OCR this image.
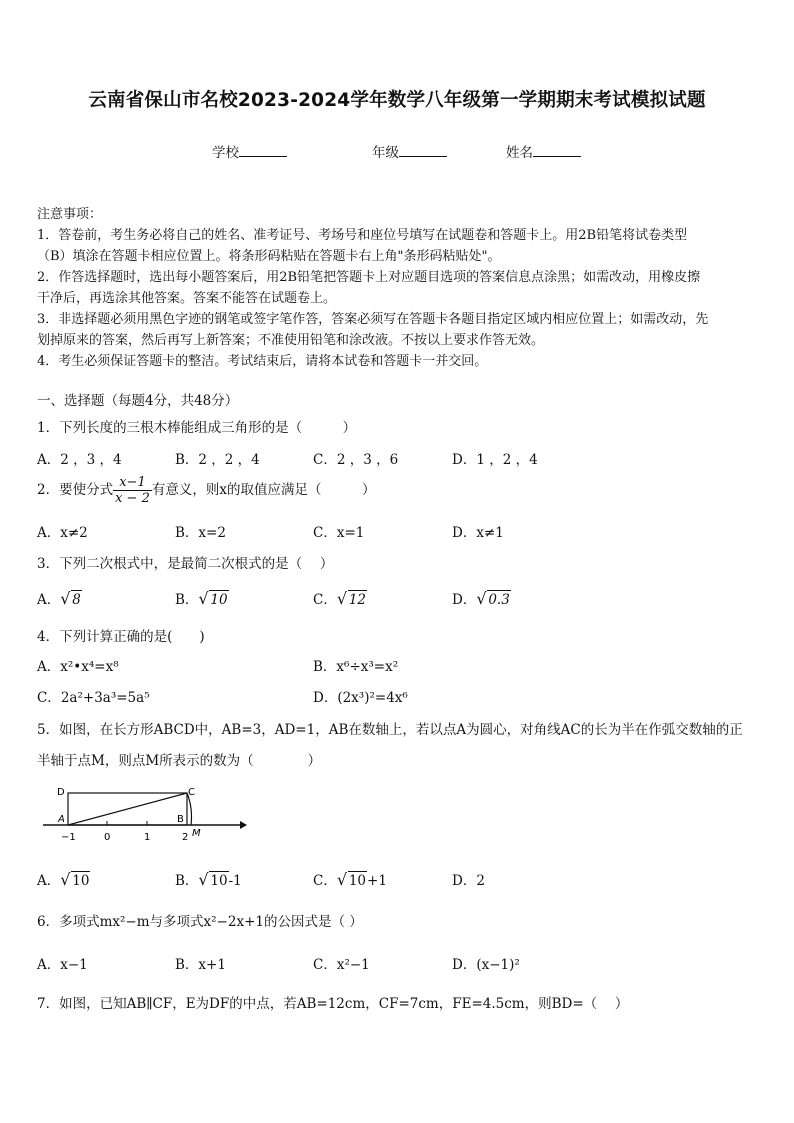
云南省保山市名校2023-2024学年数学八年级第一学期期末考试模拟试题
学校	年级	姓名
注意事项：
1．答卷前，考生务必将自己的姓名、准考证号、考场号和座位号填写在试题卷和答题卡上。用2B铅笔将试卷类型
（B）填涂在答题卡相应位置上。将条形码粘贴在答题卡右上角"条形码粘贴处"。
2．作答选择题时，选出每小题答案后，用2B铅笔把答题卡上对应题目选项的答案信息点涂黑；如需改动，用橡皮擦
干净后，再选涂其他答案。答案不能答在试题卷上。
3．非选择题必须用黑色字迹的钢笔或签字笔作答，答案必须写在答题卡各题目指定区域内相应位置上；如需改动，先
划掉原来的答案，然后再写上新答案；不准使用铅笔和涂改液。不按以上要求作答无效。
4．考生必须保证答题卡的整洁。考试结束后，请将本试卷和答题卡一并交回。
一、选择题（每题4分，共48分）
1．下列长度的三根木棒能组成三角形的是（　　　）
A．2 ，3 ，4	B．2 ，2 ，4	C．2 ，3 ，6	D．1 ，2 ，4
2．要使分式 $\frac{x-1}{x - 2}$ 有意义，则x的取值应满足（　　　）
A．x≠2	B．x=2	C．x=1	D．x≠1
3．下列二次根式中，是最简二次根式的是（　 ）
A． √ 8	B． √ 10	C． √ 12	D． √ 0.3
4．下列计算正确的是(　　)
A．x²•x⁴=x⁸	B．x⁶÷x³=x²
C．2a²+3a³=5a⁵	D．(2x³)²=4x⁶
5．如图，在长方形ABCD中，AB=3，AD=1，AB在数轴上，若以点A为圆心，对角线AC的长为半在作弧交数轴的正
半轴于点M，则点M所表示的数为（　　　　）
D	C
A	B
M
−1	0	1	2
A． √ 10	B． √ 10-1	C． √ 10+1	D．2
6．多项式mx²−m与多项式x²−2x+1的公因式是（ ）
A．x−1	B．x+1	C．x²−1	D．(x−1)²
7．如图，已知AB∥CF，E为DF的中点，若AB=12cm，CF=7cm，FE=4.5cm，则BD=（　 ）
